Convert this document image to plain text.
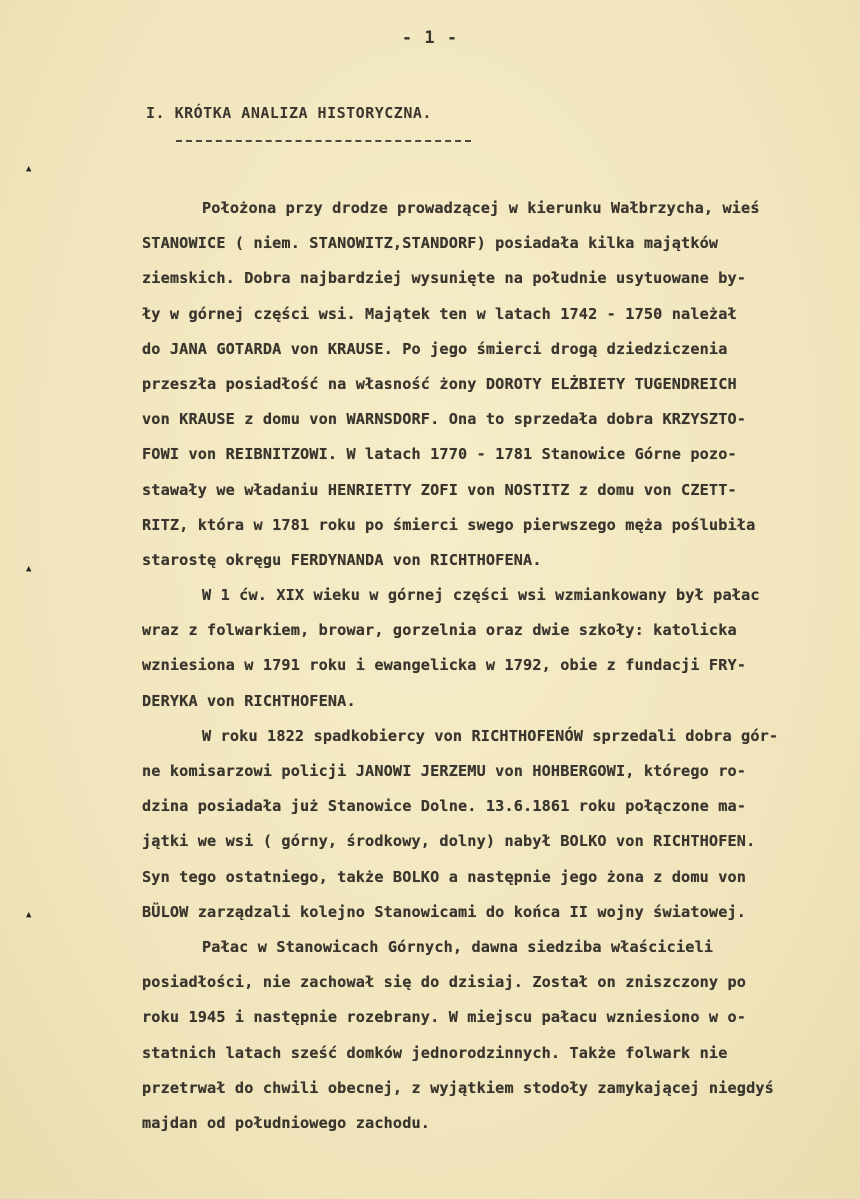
- 1 -
I. KRÓTKA ANALIZA HISTORYCZNA.
▲
▲
▲
Położona przy drodze prowadzącej w kierunku Wałbrzycha, wieś
STANOWICE ( niem. STANOWITZ,STANDORF) posiadała kilka majątków
ziemskich. Dobra najbardziej wysunięte na południe usytuowane by-
ły w górnej części wsi. Majątek ten w latach 1742 - 1750 należał
do JANA GOTARDA von KRAUSE. Po jego śmierci drogą dziedziczenia
przeszła posiadłość na własność żony DOROTY ELŻBIETY TUGENDREICH
von KRAUSE z domu von WARNSDORF. Ona to sprzedała dobra KRZYSZTO-
FOWI von REIBNITZOWI. W latach 1770 - 1781 Stanowice Górne pozo-
stawały we władaniu HENRIETTY ZOFI von NOSTITZ z domu von CZETT-
RITZ, która w 1781 roku po śmierci swego pierwszego męża poślubiła
starostę okręgu FERDYNANDA von RICHTHOFENA.
W 1 ćw. XIX wieku w górnej części wsi wzmiankowany był pałac
wraz z folwarkiem, browar, gorzelnia oraz dwie szkoły: katolicka
wzniesiona w 1791 roku i ewangelicka w 1792, obie z fundacji FRY-
DERYKA von RICHTHOFENA.
W roku 1822 spadkobiercy von RICHTHOFENÓW sprzedali dobra gór-
ne komisarzowi policji JANOWI JERZEMU von HOHBERGOWI, którego ro-
dzina posiadała już Stanowice Dolne. 13.6.1861 roku połączone ma-
jątki we wsi ( górny, środkowy, dolny) nabył BOLKO von RICHTHOFEN.
Syn tego ostatniego, także BOLKO a następnie jego żona z domu von
BÜLOW zarządzali kolejno Stanowicami do końca II wojny światowej.
Pałac w Stanowicach Górnych, dawna siedziba właścicieli
posiadłości, nie zachował się do dzisiaj. Został on zniszczony po
roku 1945 i następnie rozebrany. W miejscu pałacu wzniesiono w o-
statnich latach sześć domków jednorodzinnych. Także folwark nie
przetrwał do chwili obecnej, z wyjątkiem stodoły zamykającej niegdyś
majdan od południowego zachodu.
